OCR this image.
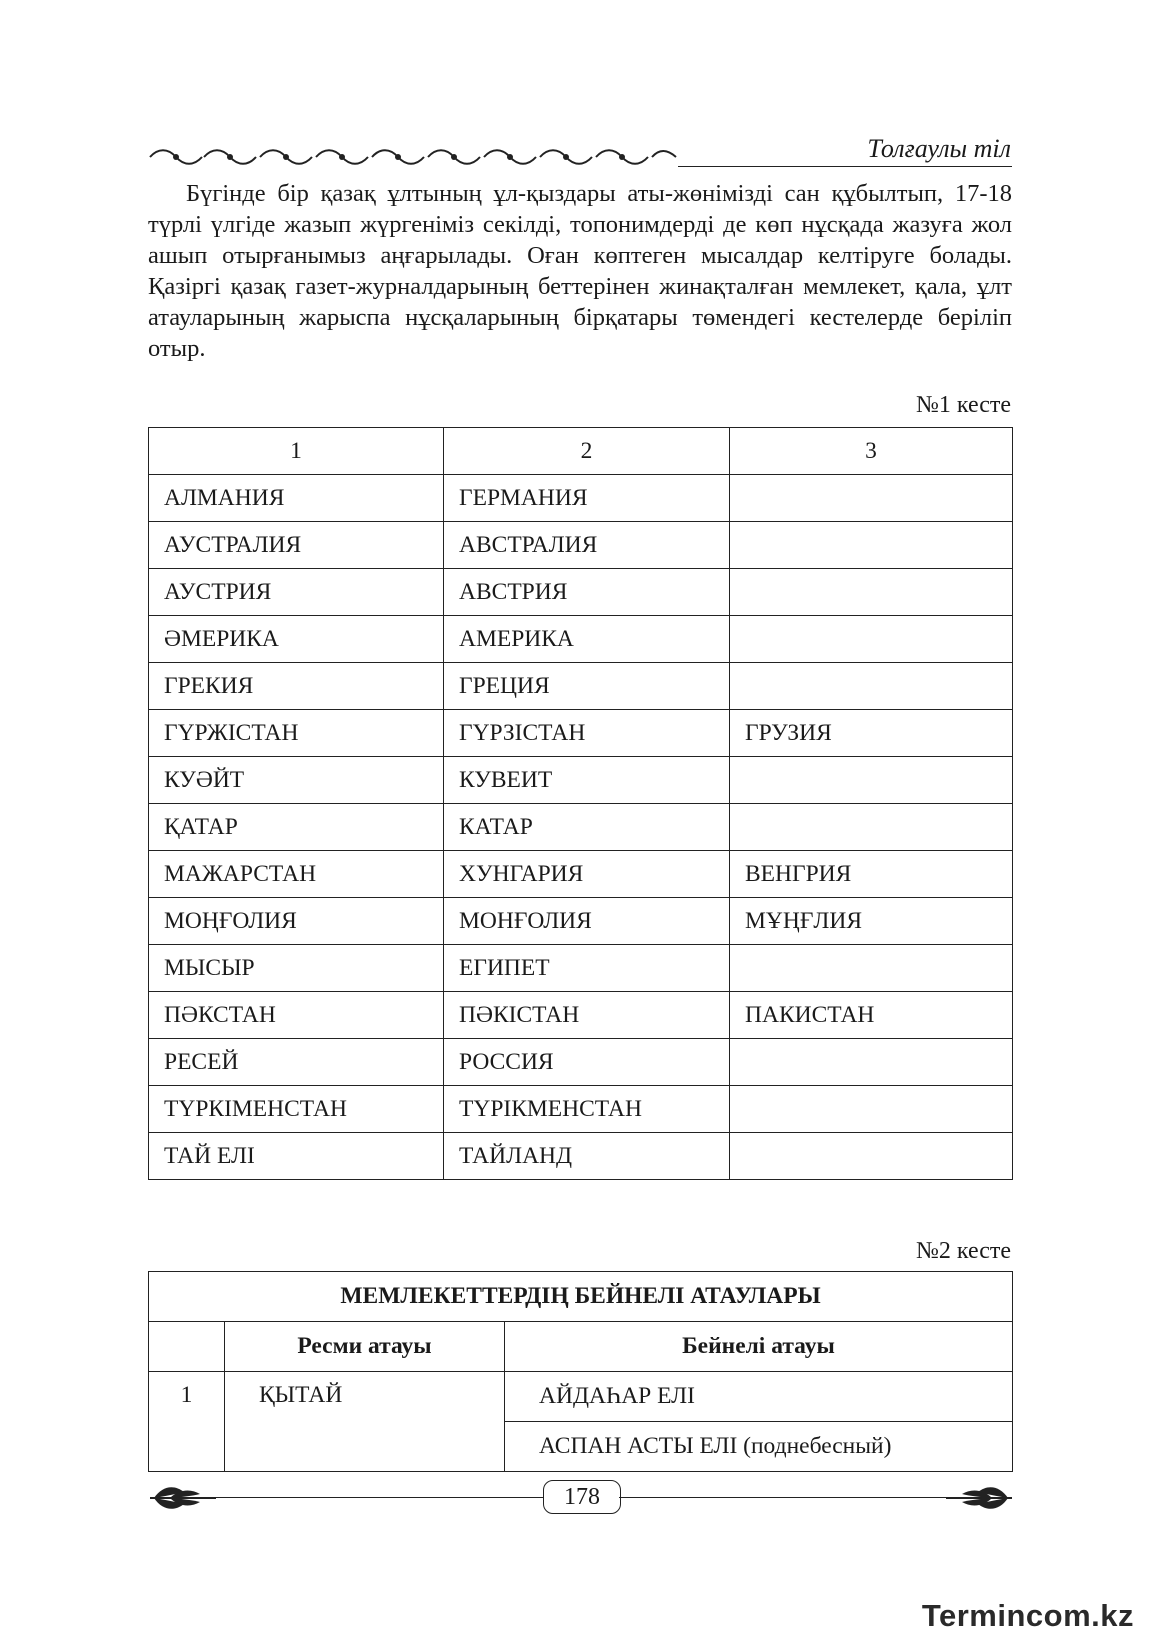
Толғаулы тіл

Бүгінде бір қазақ ұлтының ұл-қыздары аты-жөнімізді сан құбылтып, 17-18 түрлі үлгіде жазып жүргеніміз секілді, топонимдерді де көп нұсқада жазуға жол ашып отырғанымыз аңғарылады. Оған көптеген мысалдар келтіруге болады. Қазіргі қазақ газет-журналдарының беттерінен жинақталған мемлекет, қала, ұлт атауларының жарыспа нұсқаларының бірқатары төмендегі кестелерде беріліп отыр.

№1 кесте
1	2	3
АЛМАНИЯ	ГЕРМАНИЯ	
АУСТРАЛИЯ	АВСТРАЛИЯ	
АУСТРИЯ	АВСТРИЯ	
ӘМЕРИКА	АМЕРИКА	
ГРЕКИЯ	ГРЕЦИЯ	
ГҮРЖІСТАН	ГҮРЗІСТАН	ГРУЗИЯ
КУӘЙТ	КУВЕИТ	
ҚАТАР	КАТАР	
МАЖАРСТАН	ХУНГАРИЯ	ВЕНГРИЯ
МОҢҒОЛИЯ	МОНҒОЛИЯ	МҰҢҒЛИЯ
МЫСЫР	ЕГИПЕТ	
ПӘКСТАН	ПӘКІСТАН	ПАКИСТАН
РЕСЕЙ	РОССИЯ	
ТҮРКІМЕНСТАН	ТҮРІКМЕНСТАН	
ТАЙ ЕЛІ	ТАЙЛАНД	
№2 кесте
МЕМЛЕКЕТТЕРДІҢ БЕЙНЕЛІ АТАУЛАРЫ		
	Ресми атауы	Бейнелі атауы
1	ҚЫТАЙ	АЙДАҺАР ЕЛІ
		АСПАН АСТЫ ЕЛІ (поднебесный)
178
Termincom.kz
